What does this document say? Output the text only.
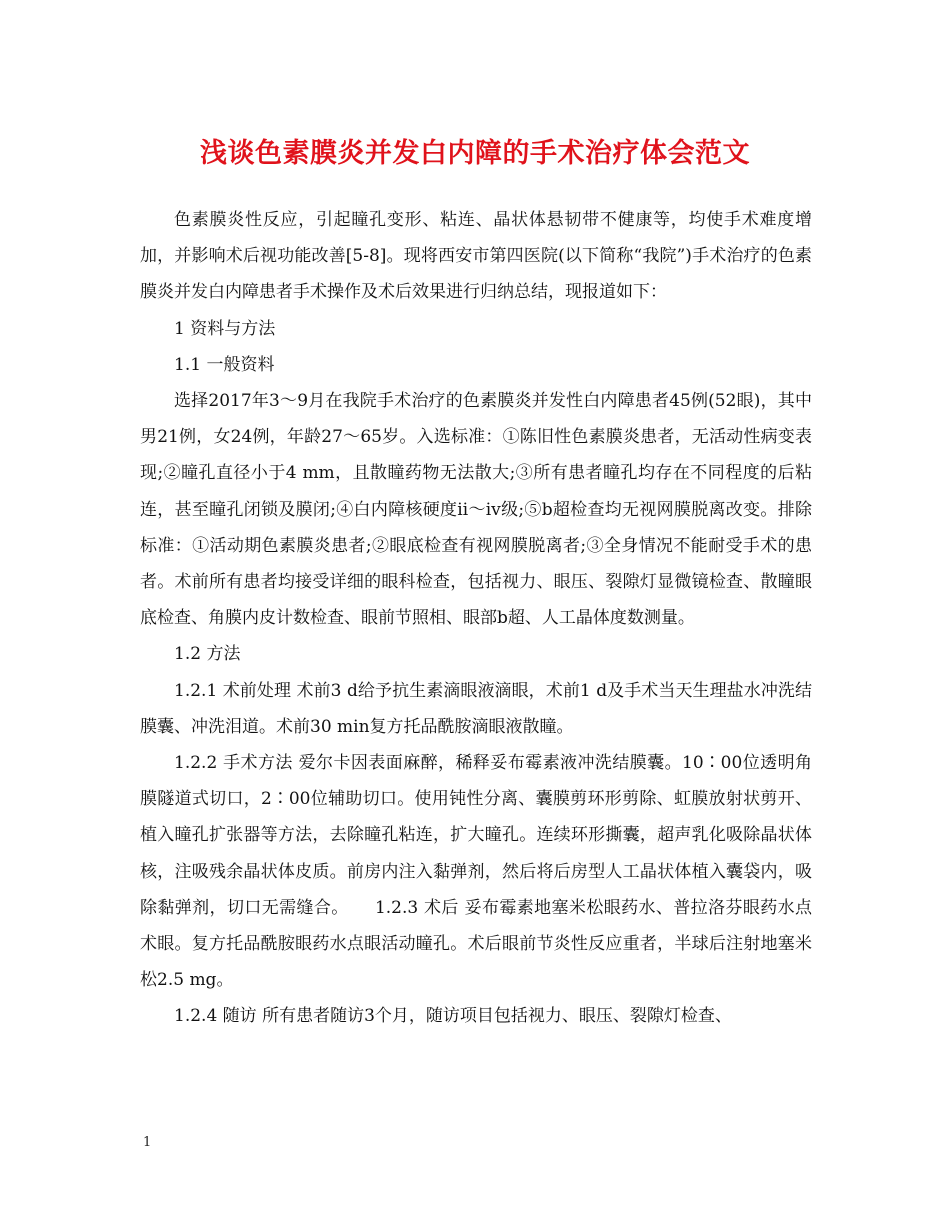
浅谈色素膜炎并发白内障的手术治疗体会范文

色素膜炎性反应，引起瞳孔变形、粘连、晶状体悬韧带不健康等，均使手术难度增加，并影响术后视功能改善[5-8]。现将西安市第四医院(以下简称“我院”)手术治疗的色素膜炎并发白内障患者手术操作及术后效果进行归纳总结，现报道如下：

1 资料与方法

1.1 一般资料

选择2017年3～9月在我院手术治疗的色素膜炎并发性白内障患者45例(52眼)，其中男21例，女24例，年龄27～65岁。入选标准：①陈旧性色素膜炎患者，无活动性病变表现;②瞳孔直径小于4 mm，且散瞳药物无法散大;③所有患者瞳孔均存在不同程度的后粘连，甚至瞳孔闭锁及膜闭;④白内障核硬度ⅱ～ⅳ级;⑤b超检查均无视网膜脱离改变。排除标准：①活动期色素膜炎患者;②眼底检查有视网膜脱离者;③全身情况不能耐受手术的患者。术前所有患者均接受详细的眼科检查，包括视力、眼压、裂隙灯显微镜检查、散瞳眼底检查、角膜内皮计数检查、眼前节照相、眼部b超、人工晶体度数测量。

1.2 方法

1.2.1 术前处理 术前3 d给予抗生素滴眼液滴眼，术前1 d及手术当天生理盐水冲洗结膜囊、冲洗泪道。术前30 min复方托品酰胺滴眼液散瞳。

1.2.2 手术方法 爱尔卡因表面麻醉，稀释妥布霉素液冲洗结膜囊。10∶00位透明角膜隧道式切口，2∶00位辅助切口。使用钝性分离、囊膜剪环形剪除、虹膜放射状剪开、植入瞳孔扩张器等方法，去除瞳孔粘连，扩大瞳孔。连续环形撕囊，超声乳化吸除晶状体核，注吸残余晶状体皮质。前房内注入黏弹剂，然后将后房型人工晶状体植入囊袋内，吸除黏弹剂，切口无需缝合。　　1.2.3 术后 妥布霉素地塞米松眼药水、普拉洛芬眼药水点术眼。复方托品酰胺眼药水点眼活动瞳孔。术后眼前节炎性反应重者，半球后注射地塞米松2.5 mg。

1.2.4 随访 所有患者随访3个月，随访项目包括视力、眼压、裂隙灯检查、

1
